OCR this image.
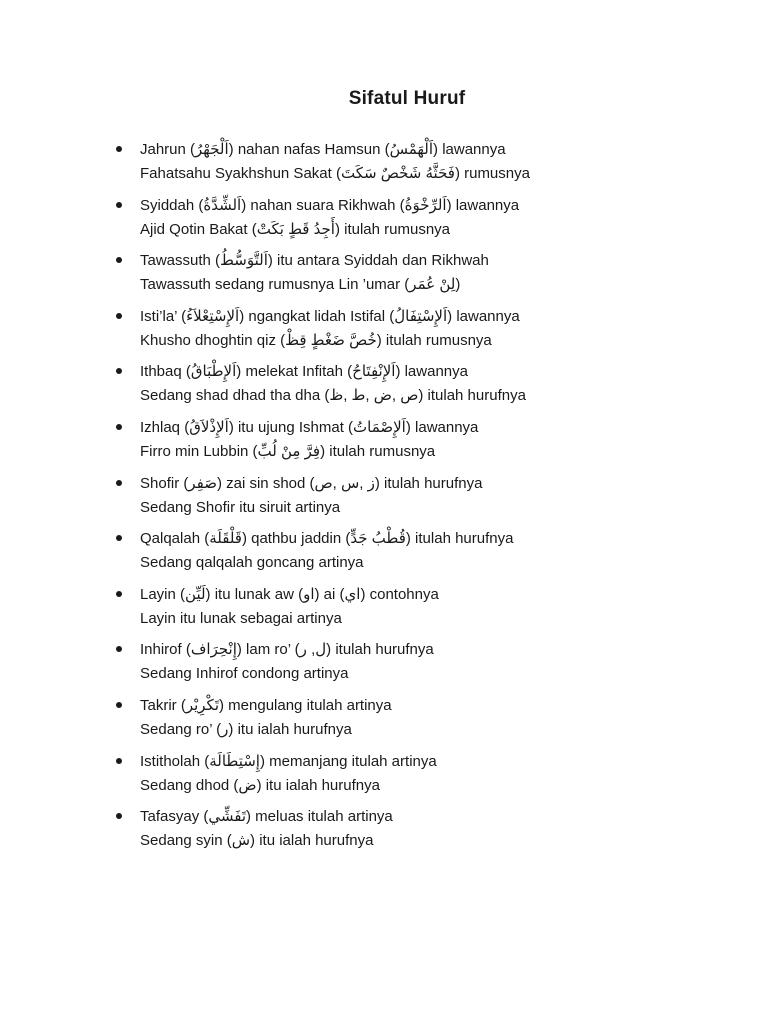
Sifatul Huruf
Jahrun (اَلْجَهْرُ) nahan nafas Hamsun (اَلْهَمْسُ) lawannya
Fahatsahu Syakhshun Sakat (فَحَثَّهُ شَخْصٌ سَكَتَ) rumusnya
Syiddah (اَلشِّدَّةُ) nahan suara Rikhwah (اَلرِّخْوَةُ) lawannya
Ajid Qotin Bakat (أَجِدُ قَطٍ بَكَتْ) itulah rumusnya
Tawassuth (اَلتَّوَسُّطُ) itu antara Syiddah dan Rikhwah
Tawassuth sedang rumusnya Lin ’umar (لِنْ عُمَر)
Isti’la’ (اَلإِسْتِعْلاَءُ) ngangkat lidah Istifal (اَلإِسْتِفَالُ) lawannya
Khusho dhoghtin qiz (خُصَّ ضَغْطٍ قِظْ) itulah rumusnya
Ithbaq (اَلإِطْبَاقُ) melekat Infitah (اَلإِنْفِتَاحُ) lawannya
Sedang shad dhad tha dha (ص ,ض ,ط ,ظ) itulah hurufnya
Izhlaq (اَلإِذْلاَقُ) itu ujung Ishmat (اَلإِصْمَاتُ) lawannya
Firro min Lubbin (فِرَّ مِنْ لُبِّ) itulah rumusnya
Shofir (صَفِر) zai sin shod (ز ,س ,ص) itulah hurufnya
Sedang Shofir itu siruit artinya
Qalqalah (قَلْقَلَة) qathbu jaddin (قُطْبُ جَدٍّ) itulah hurufnya
Sedang qalqalah goncang artinya
Layin (لَيِّن) itu lunak aw (او) ai (اي) contohnya
Layin itu lunak sebagai artinya
Inhirof (إِنْحِرَاف) lam ro’ (ل, ر) itulah hurufnya
Sedang Inhirof condong artinya
Takrir (تَكْرِيْر) mengulang itulah artinya
Sedang ro’ (ر) itu ialah hurufnya
Istitholah (إِسْتِطَالَة) memanjang itulah artinya
Sedang dhod (ض) itu ialah hurufnya
Tafasyay (تَفَشِّي) meluas itulah artinya
Sedang syin (ش) itu ialah hurufnya
